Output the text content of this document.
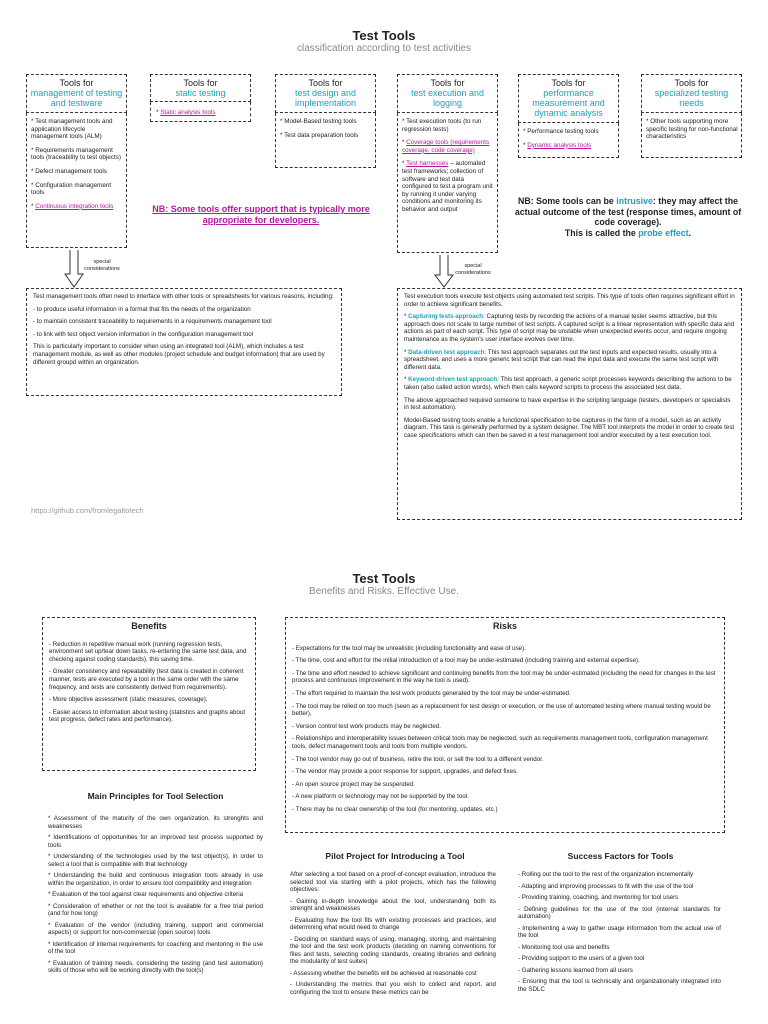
Test Tools
classification according to test activities
Tools for
management of testing and testware
Tools for
static testing
Tools for
test design and implementation
Tools for
test execution and logging
Tools for
performance measurement and dynamic analysis
Tools for
specialized testing needs

* Test management tools and application lifecycle management tools (ALM)

* Requirements management tools (traceability to test objects)

* Defect management tools

* Configuration management tools

* Continuous integration tools

* Static analysis tools

* Model-Based testing tools

* Test data preparation tools

* Test execution tools (to run regression tests)

* Coverage tools (requirements coverage, code coverage)

* Test harnesses – automated test frameworks; collection of software and test data configured to test a program unit by running it under varying conditions and monitoring its behavior and output

* Performance testing tools

* Dynamic analysis tools

* Other tools supporting more specific testing for non-functional characteristics

NB: Some tools offer support that is typically more appropriate for developers.
NB: Some tools can be intrusive: they may affect the actual outcome of the test (response times, amount of code coverage).
This is called the probe effect.
special considerations	special considerations

Test management tools often need to interface with other tools or spreadsheets for various reasons, including:

- to produce useful information in a format that fits the needs of the organization

- to maintain consistent traceability to requirements in a requirements management tool

- to link with test object version information in the configuration management tool

This is particularly important to consider when using an integrated tool (ALM), which includes a test management module, as well as other modules (project schedule and budget information) that are used by different groupd within an organization.

Test execution tools execute test objects using automated test scripts. This type of tools often requires significant effort in order to achieve significant benefits.

* Capturing tests approach: Capturing tests by recording the actions of a manual tester seems attractive, but this approach does not scale to large number of test scripts. A captured script is a linear representation with specific data and actions as part of each script. This type of script may be unstable when unexpected events occur, and require ongoing maintenance as the system's user interface evolves over time.

* Data-driven test approach: This test approach separates out the test inputs and expected results, usually into a spreadsheet, and uses a more generic test script that can read the input data and execute the same test script with different data.

* Keyword-driven test approach: This test approach, a generic script processes keywords describing the actions to be taken (also called action words), which then calls keyword scripts to process the associated test data.

The above approached required someone to have expertise in the scripting language (testers, developers or specialists in test automation).

Model-Based testing tools enable a functional specification to be captures in the form of a model, such as an activity diagram. This task is generally performed by a system designer. The MBT tool interprets the model in order to create test case specifications which can then be saved in a test management tool and/or executed by a test execution tool.

https://github.com/fromlegaltotech
Test Tools
Benefits and Risks. Effective Use.
Benefits

- Reduction in repetitive manual work (running regression tests, environment set up/tear down tasks, re-entering the same test data, and checking against coding standards), this saving time.

- Greater consistency and repeatability (test data is created in coherent manner, tests are executed by a tool in the same order with the same frequency, and tests are consistently derived from requirements).

- More objective assessment (static measures, coverage).

- Easier access to information about testing (statistics and graphs about test progress, defect rates and performance).

Risks

- Expectations for the tool may be unrealistic (including functionality and ease of use).

- The time, cost and effort for the initial introduction of a tool may be under-estimated (including training and external expertise).

- The time and effort needed to achieve significant and continuing benefits from the tool may be under-estimated (including the need for changes in the test process and continuous improvement in the way he tool is used).

- The effort required to maintain the test work products generated by the tool may be under-estimated.

- The tool may be relied on too much (seen as a replacement for test design or execution, or the use of automated testing where manual testing would be better).

- Version control test work products may be neglected.

- Relationships and interoperability issues between critical tools may be neglected, such as requirements management tools, configuration management tools, defect management tools and tools from multiple vendors.

- The tool vendor may go out of business, retire the tool, or sell the tool to a different vendor.

- The vendor may provide a poor response for support, upgrades, and defect fixes.

- An open source project may be suspended.

- A new platform or technology may not be supported by the tool.

- There may be no clear ownership of the tool (for mentoring, updates, etc.)

Main Principles for Tool Selection

* Assessment of the maturity of the own organization, its strenghts and weaknesses

* Identifications of opportunities for an improved test process supported by tools

* Understanding of the technologies used by the test object(s), in order to select a tool that is compatible with that technology

* Understanding the build and continuous integration tools already in use within the organization, in order to ensure tool compatibility and integration

* Evaluation of the tool against clear requirements and objective criteria

* Consideration of whether or not the tool is available for a free trial period (and for how long)

* Evaluation of the vendor (including training, support and commercial aspects) or support for non-commercial (open source) tools

* Identification of internal requirements for coaching and mentoring in the use of the tool

* Evaluation of training needs, considering the testing (and test automation) skills of those who will be working directly with the tool(s)

Pilot Project for Introducing a Tool

After selecting a tool based on a proof-of-concept evaluation, introduce the selected tool via starting with a pilot projects, which has the following objectives:

- Gaining in-depth knowledge about the tool, understanding both its strenght and weaknesses

- Evaluating how the tool fits with existing processes and practices, and determining what would need to change

- Deciding on standard ways of using, managing, storing, and maintaining the tool and the test work products (deciding on naming conventions for files and tests, selecting coding standards, creating libraries and defining the modularity of test suites)

- Assessing whether the benefits will be achieved at reasonable cost

- Understanding the metrics that you wish to collect and report, and configuring the tool to ensure these metrics can be

Success Factors for Tools

- Rolling out the tool to the rest of the organization incrementally

- Adapting and improving processes to fit with the use of the tool

- Providing training, coaching, and mentoring for tool users

- Defining guidelines for the use of the tool (internal standards for automation)

- Implementing a way to gather usage information from the actual use of the tool

- Monitoring tool use and benefits

- Providing support to the users of a given tool

- Gathering lessons learned from all users

- Ensuring that the tool is technically and organizationally integrated into the SDLC
